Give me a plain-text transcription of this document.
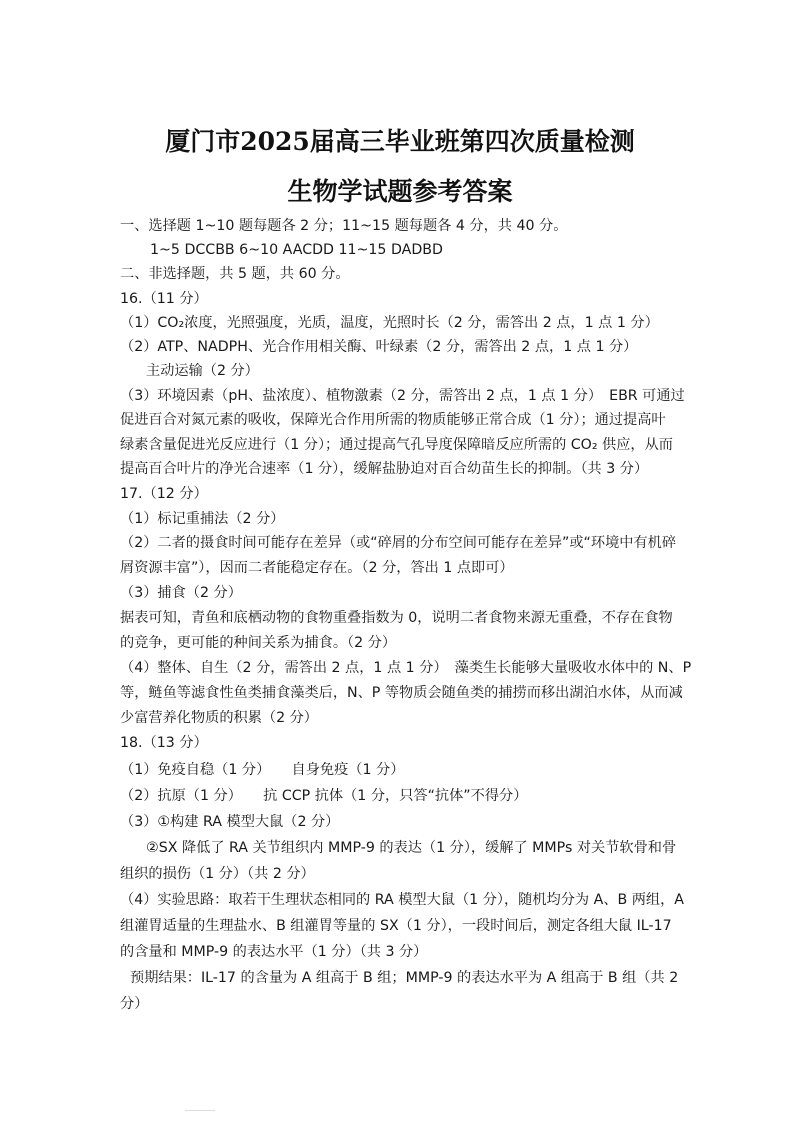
厦门市2025届高三毕业班第四次质量检测
生物学试题参考答案
一、选择题 1~10 题每题各 2 分；11~15 题每题各 4 分，共 40 分。
1~5 DCCBB 6~10 AACDD 11~15 DADBD
二、非选择题，共 5 题，共 60 分。
16.（11 分）
（1）CO₂浓度，光照强度，光质，温度，光照时长（2 分，需答出 2 点，1 点 1 分）
（2）ATP、NADPH、光合作用相关酶、叶绿素（2 分，需答出 2 点，1 点 1 分）
主动运输（2 分）
（3）环境因素（pH、盐浓度）、植物激素（2 分，需答出 2 点，1 点 1 分）　EBR 可通过
促进百合对氮元素的吸收，保障光合作用所需的物质能够正常合成（1 分）；通过提高叶
绿素含量促进光反应进行（1 分）；通过提高气孔导度保障暗反应所需的 CO₂ 供应，从而
提高百合叶片的净光合速率（1 分），缓解盐胁迫对百合幼苗生长的抑制。（共 3 分）
17.（12 分）
（1）标记重捕法（2 分）
（2）二者的摄食时间可能存在差异（或“碎屑的分布空间可能存在差异”或“环境中有机碎
屑资源丰富”），因而二者能稳定存在。（2 分，答出 1 点即可）
（3）捕食（2 分）
据表可知，青鱼和底栖动物的食物重叠指数为 0，说明二者食物来源无重叠，不存在食物
的竞争，更可能的种间关系为捕食。（2 分）
（4）整体、自生（2 分，需答出 2 点，1 点 1 分）　藻类生长能够大量吸收水体中的 N、P
等，鲢鱼等滤食性鱼类捕食藻类后，N、P 等物质会随鱼类的捕捞而移出湖泊水体，从而减
少富营养化物质的积累（2 分）
18.（13 分）
（1）免疫自稳（1 分）　　自身免疫（1 分）
（2）抗原（1 分）　　抗 CCP 抗体（1 分，只答“抗体”不得分）
（3）①构建 RA 模型大鼠（2 分）
②SX 降低了 RA 关节组织内 MMP-9 的表达（1 分），缓解了 MMPs 对关节软骨和骨
组织的损伤（1 分）（共 2 分）
（4）实验思路：取若干生理状态相同的 RA 模型大鼠（1 分），随机均分为 A、B 两组，A
组灌胃适量的生理盐水、B 组灌胃等量的 SX（1 分），一段时间后，测定各组大鼠 IL-17
的含量和 MMP-9 的表达水平（1 分）（共 3 分）
预期结果：IL-17 的含量为 A 组高于 B 组；MMP-9 的表达水平为 A 组高于 B 组（共 2
分）
